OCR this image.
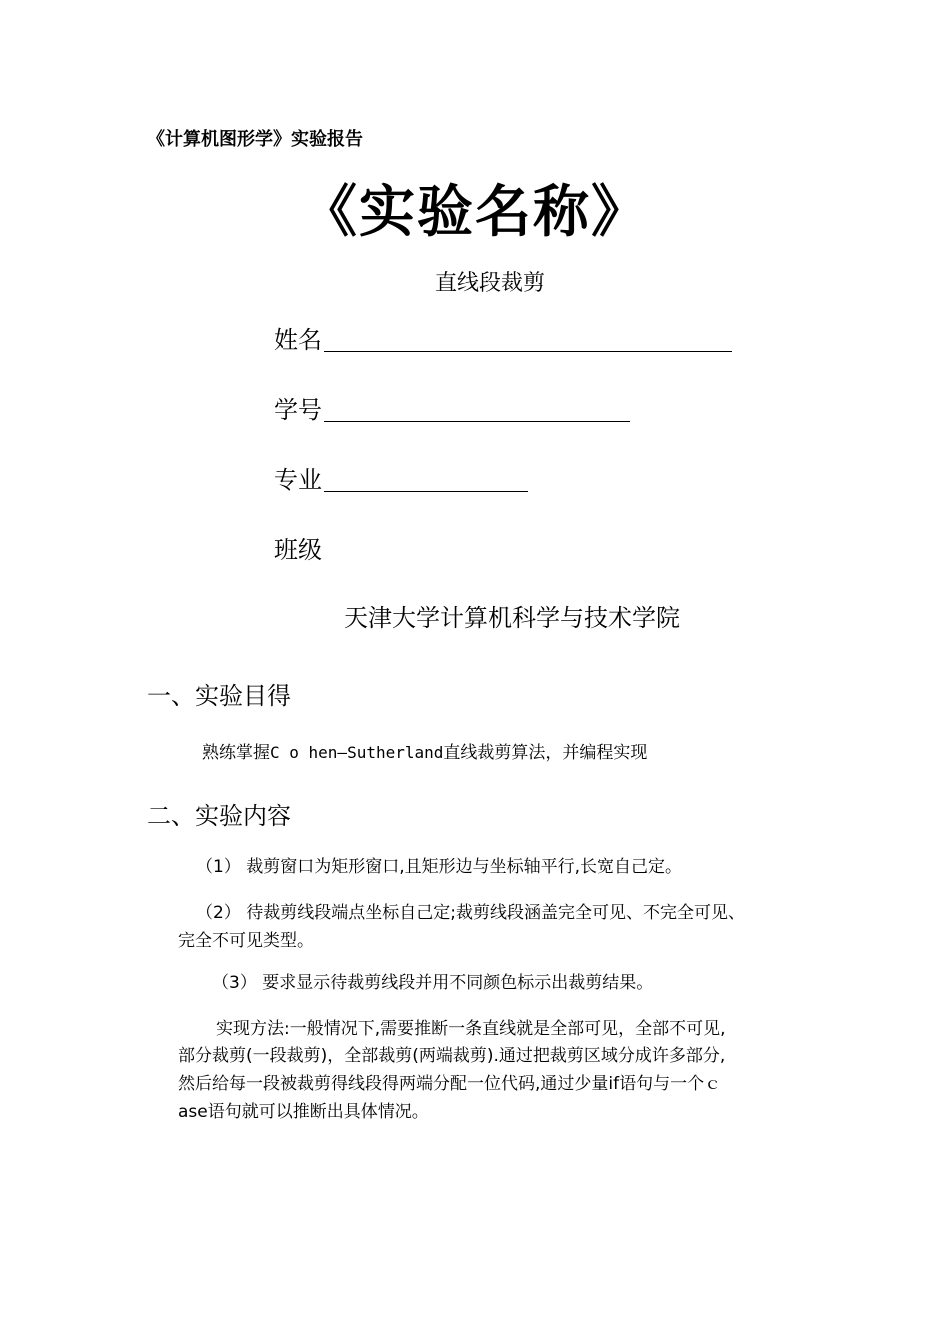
《计算机图形学》实验报告
《实验名称》
直线段裁剪
姓名
学号
专业
班级
天津大学计算机科学与技术学院
一、实验目得
熟练掌握C o hen—Sutherland直线裁剪算法，并编程实现
二、实验内容
（1） 裁剪窗口为矩形窗口,且矩形边与坐标轴平行,长宽自己定。
（2） 待裁剪线段端点坐标自己定;裁剪线段涵盖完全可见、不完全可见、
完全不可见类型。
（3） 要求显示待裁剪线段并用不同颜色标示出裁剪结果。
实现方法:一般情况下,需要推断一条直线就是全部可见，全部不可见,
部分裁剪(一段裁剪)，全部裁剪(两端裁剪).通过把裁剪区域分成许多部分,
然后给每一段被裁剪得线段得两端分配一位代码,通过少量if语句与一个ｃ
ase语句就可以推断出具体情况。
